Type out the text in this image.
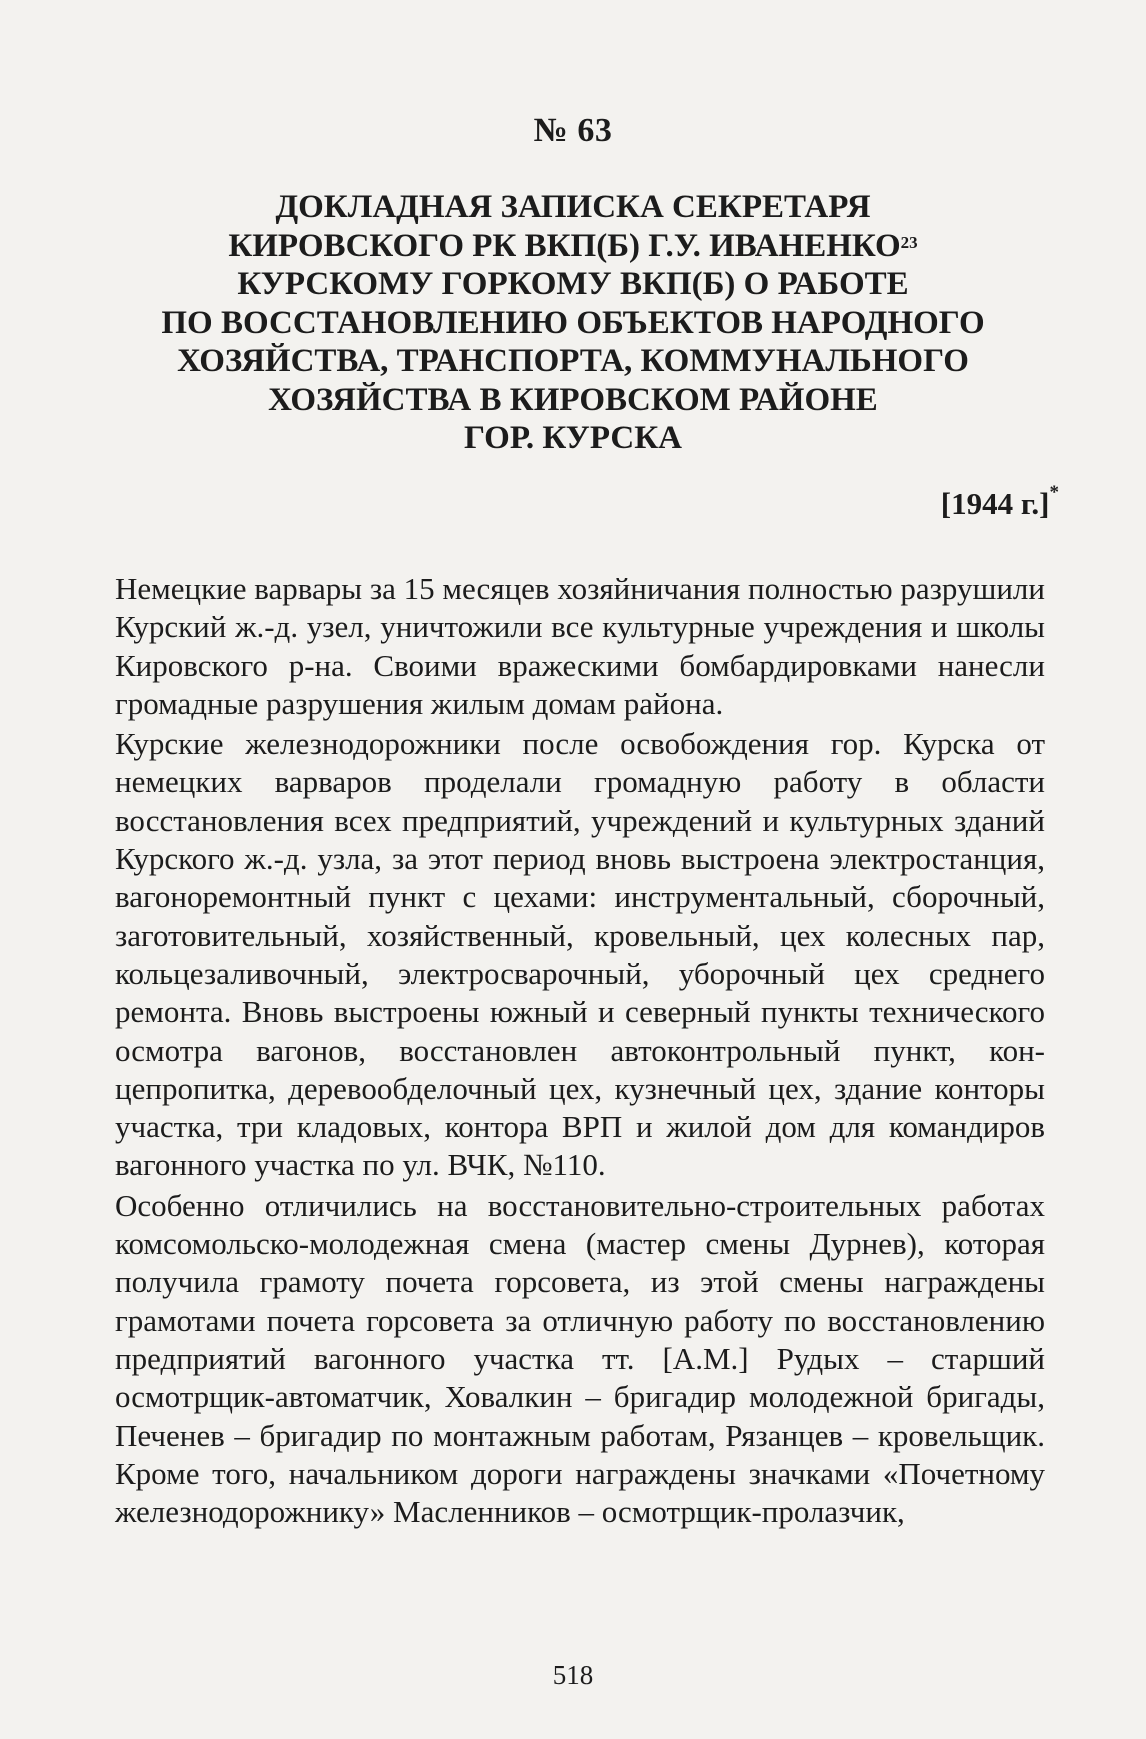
№ 63
ДОКЛАДНАЯ ЗАПИСКА СЕКРЕТАРЯ
КИРОВСКОГО РК ВКП(Б) Г.У. ИВАНЕНКО$^{23}$
КУРСКОМУ ГОРКОМУ ВКП(Б) О РАБОТЕ
ПО ВОССТАНОВЛЕНИЮ ОБЪЕКТОВ НАРОДНОГО
ХОЗЯЙСТВА, ТРАНСПОРТА, КОММУНАЛЬНОГО
ХОЗЯЙСТВА В КИРОВСКОМ РАЙОНЕ
ГОР. КУРСКА
[1944 г.]*

Немецкие варвары за 15 месяцев хозяйничания полностью разрушили Курский ж.-д. узел, уничтожили все культурные учреждения и школы Кировского р-на. Своими вражескими бомбардировками нанесли громадные разрушения жилым домам района.

Курские железнодорожники после освобождения гор. Курска от немецких варваров проделали громадную работу в области восстановления всех предприятий, учреждений и культурных зданий Курского ж.-д. узла, за этот период вновь выстроена электростанция, вагоноремонтный пункт с цехами: инструментальный, сборочный, заготовительный, хозяйственный, кровельный, цех колесных пар, кольцезаливочный, электросварочный, уборочный цех среднего ремонта. Вновь выстроены южный и северный пункты технического осмотра вагонов, восстановлен автоконтрольный пункт, концепропитка, деревообделочный цех, кузнечный цех, здание конторы участка, три кладовых, контора ВРП и жилой дом для командиров вагонного участка по ул. ВЧК, №110.

Особенно отличились на восстановительно-строительных работах комсомольско-молодежная смена (мастер смены Дурнев), которая получила грамоту почета горсовета, из этой смены награждены грамотами почета горсовета за отличную работу по восстановлению предприятий вагонного участка тт. [А.М.] Рудых – старший осмотрщик-автоматчик, Ховалкин – бригадир молодежной бригады, Печенев – бригадир по монтажным работам, Рязанцев – кровельщик. Кроме того, начальником дороги награждены значками «Почетному железнодорожнику» Масленников – осмотрщик-пролазчик,

518
